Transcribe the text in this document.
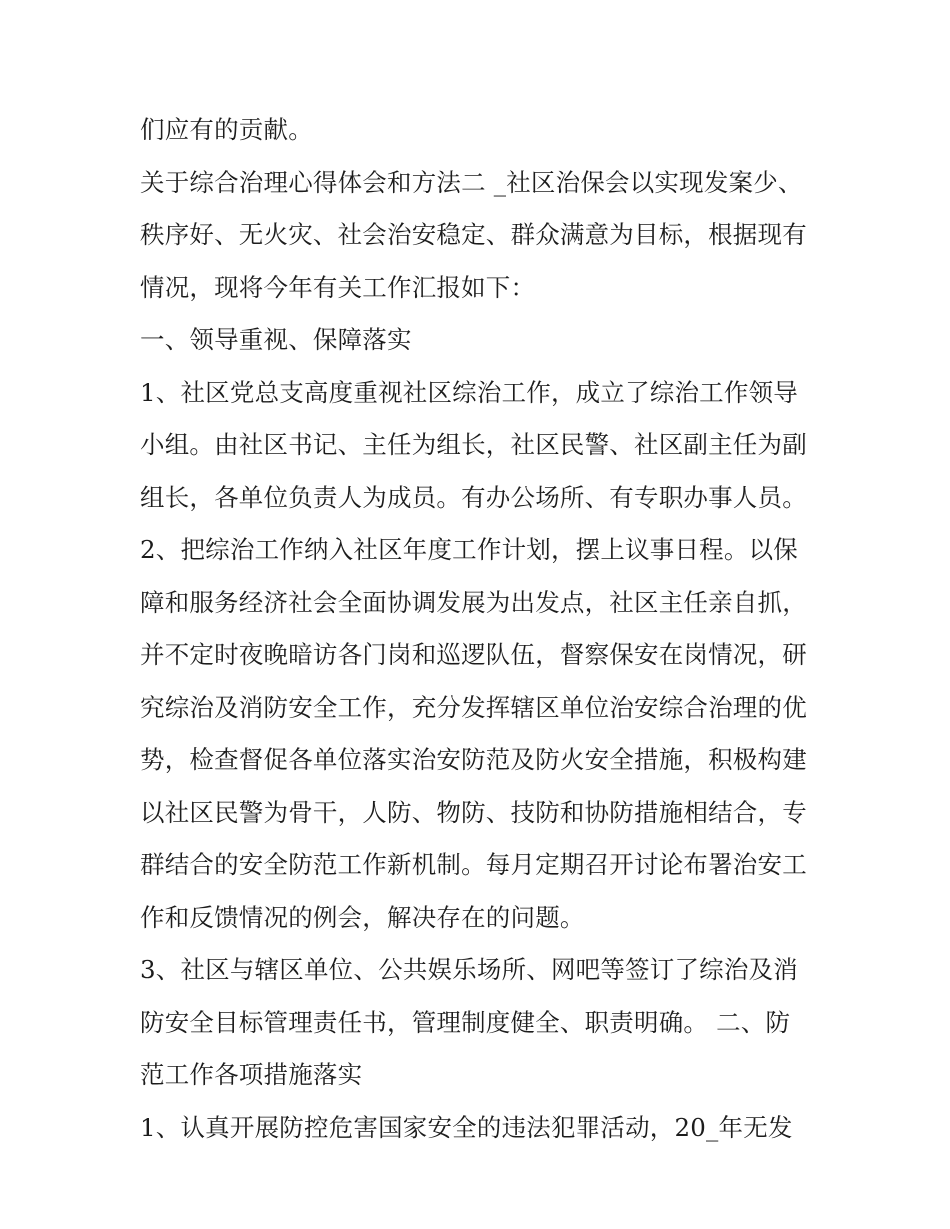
们应有的贡献。
关于综合治理心得体会和方法二 _社区治保会以实现发案少、
秩序好、无火灾、社会治安稳定、群众满意为目标，根据现有
情况，现将今年有关工作汇报如下：
一、领导重视、保障落实
1、社区党总支高度重视社区综治工作，成立了综治工作领导
小组。由社区书记、主任为组长，社区民警、社区副主任为副
组长，各单位负责人为成员。有办公场所、有专职办事人员。
2、把综治工作纳入社区年度工作计划，摆上议事日程。以保
障和服务经济社会全面协调发展为出发点，社区主任亲自抓，
并不定时夜晚暗访各门岗和巡逻队伍，督察保安在岗情况，研
究综治及消防安全工作，充分发挥辖区单位治安综合治理的优
势，检查督促各单位落实治安防范及防火安全措施，积极构建
以社区民警为骨干，人防、物防、技防和协防措施相结合，专
群结合的安全防范工作新机制。每月定期召开讨论布署治安工
作和反馈情况的例会，解决存在的问题。
3、社区与辖区单位、公共娱乐场所、网吧等签订了综治及消
防安全目标管理责任书，管理制度健全、职责明确。 二、防
范工作各项措施落实
1、认真开展防控危害国家安全的违法犯罪活动，20_年无发
